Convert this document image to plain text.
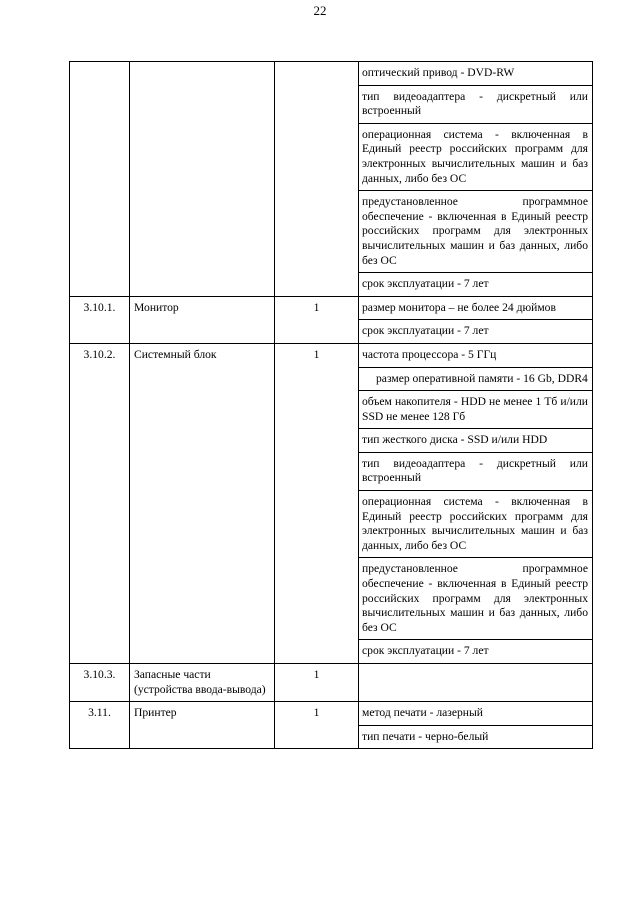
22
			оптический привод - DVD-RW
			тип видеоадаптера - дискретный или встроенный
			операционная система - включенная в Единый реестр российских программ для электронных вычислительных машин и баз данных, либо без ОС
			предустановленное программное обеспечение - включенная в Единый реестр российских программ для электронных вычислительных машин и баз данных, либо без ОС
			срок эксплуатации - 7 лет
3.10.1.	Монитор	1	размер монитора – не более 24 дюймов
			срок эксплуатации - 7 лет
3.10.2.	Системный блок	1	частота процессора - 5 ГГц
			размер оперативной памяти - 16 Gb, DDR4
			объем накопителя - HDD не менее 1 Тб и/или SSD не менее 128 Гб
			тип жесткого диска - SSD и/или HDD
			тип видеоадаптера - дискретный или встроенный
			операционная система - включенная в Единый реестр российских программ для электронных вычислительных машин и баз данных, либо без ОС
			предустановленное программное обеспечение - включенная в Единый реестр российских программ для электронных вычислительных машин и баз данных, либо без ОС
			срок эксплуатации - 7 лет
3.10.3.	Запасные части (устройства ввода-вывода)	1	
3.11.	Принтер	1	метод печати - лазерный
			тип печати - черно-белый
